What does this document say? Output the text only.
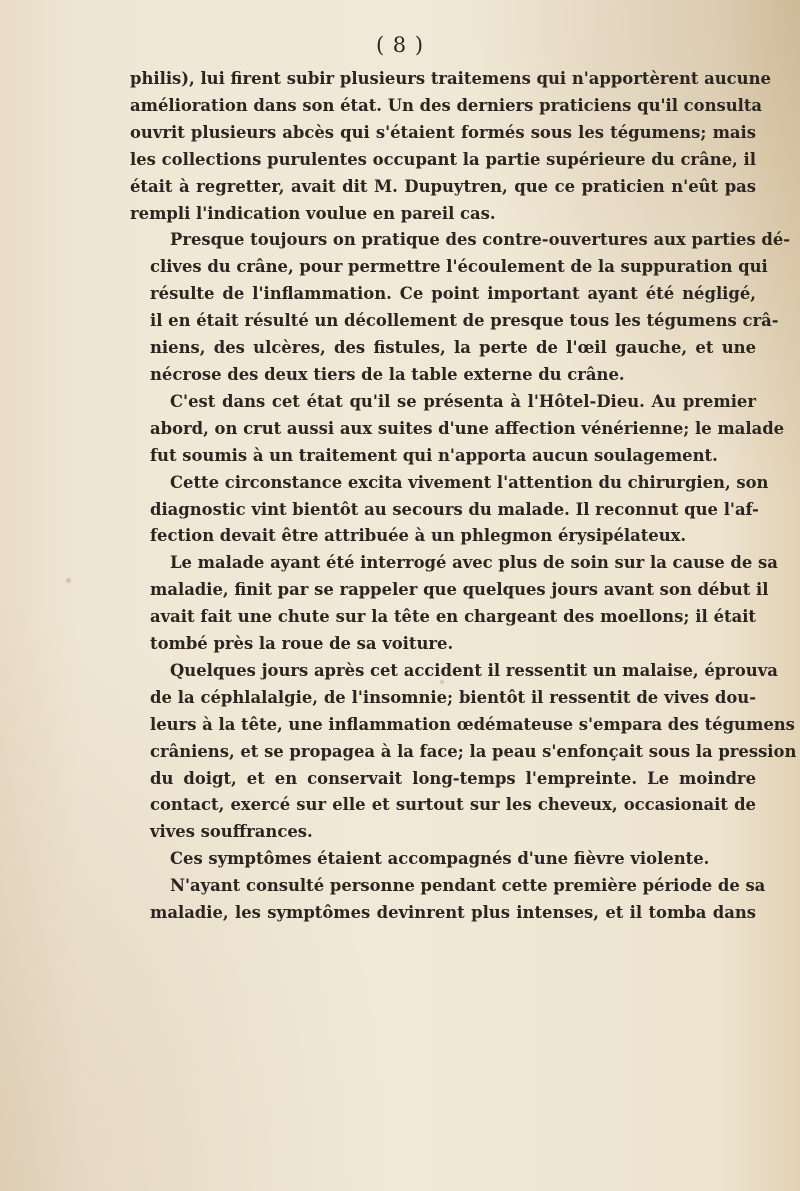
( 8 )

philis), lui firent subir plusieurs traitemens qui n'apportèrent aucune
amélioration dans son état. Un des derniers praticiens qu'il consulta
ouvrit plusieurs abcès qui s'étaient formés sous les tégumens; mais
les collections purulentes occupant la partie supérieure du crâne, il
était à regretter, avait dit M. Dupuytren, que ce praticien n'eût pas
rempli l'indication voulue en pareil cas.

Presque toujours on pratique des contre-ouvertures aux parties dé-
clives du crâne, pour permettre l'écoulement de la suppuration qui
résulte de l'inflammation. Ce point important ayant été négligé,
il en était résulté un décollement de presque tous les tégumens crâ-
niens, des ulcères, des fistules, la perte de l'œil gauche, et une
nécrose des deux tiers de la table externe du crâne.

C'est dans cet état qu'il se présenta à l'Hôtel-Dieu. Au premier
abord, on crut aussi aux suites d'une affection vénérienne; le malade
fut soumis à un traitement qui n'apporta aucun soulagement.

Cette circonstance excita vivement l'attention du chirurgien, son
diagnostic vint bientôt au secours du malade. Il reconnut que l'af-
fection devait être attribuée à un phlegmon érysipélateux.

Le malade ayant été interrogé avec plus de soin sur la cause de sa
maladie, finit par se rappeler que quelques jours avant son début il
avait fait une chute sur la tête en chargeant des moellons; il était
tombé près la roue de sa voiture.

Quelques jours après cet accident il ressentit un malaise, éprouva
de la céphlalalgie, de l'insomnie; bientôt il ressentit de vives dou-
leurs à la tête, une inflammation œdémateuse s'empara des tégumens
crâniens, et se propagea à la face; la peau s'enfonçait sous la pression
du doigt, et en conservait long-temps l'empreinte. Le moindre
contact, exercé sur elle et surtout sur les cheveux, occasionait de
vives souffrances.

Ces symptômes étaient accompagnés d'une fièvre violente.

N'ayant consulté personne pendant cette première période de sa
maladie, les symptômes devinrent plus intenses, et il tomba dans
